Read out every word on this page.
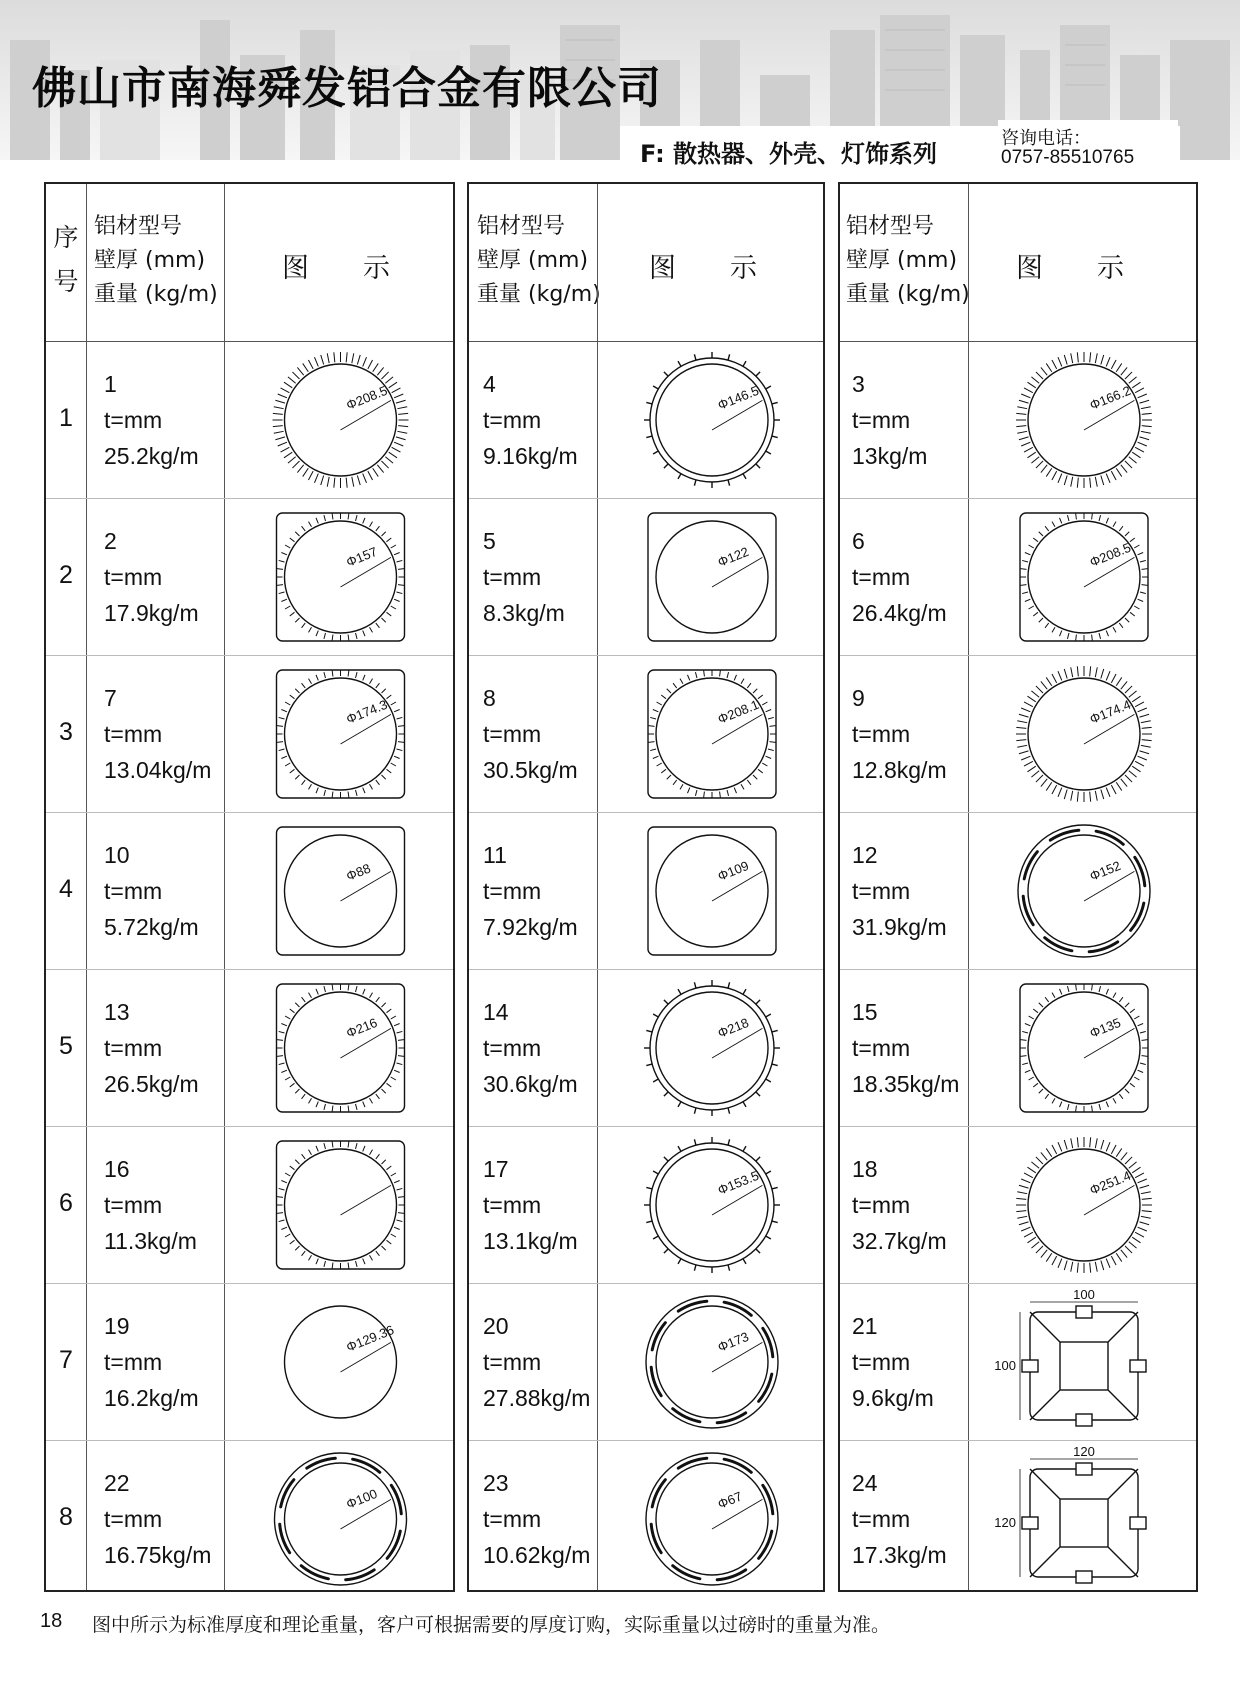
佛山市南海舜发铝合金有限公司
F: 散热器、外壳、灯饰系列
咨询电话：
0757-85510765
序号
铝材型号
壁厚 (mm)
重量 (kg/m)
图示
1
1
t=mm
25.2kg/m
Φ208.5
2
2
t=mm
17.9kg/m
Φ157
3
7
t=mm
13.04kg/m
Φ174.3
4
10
t=mm
5.72kg/m
Φ88
5
13
t=mm
26.5kg/m
Φ216
6
16
t=mm
11.3kg/m
7
19
t=mm
16.2kg/m
Φ129.36
8
22
t=mm
16.75kg/m
Φ100
铝材型号
壁厚 (mm)
重量 (kg/m)
图示
4
t=mm
9.16kg/m
Φ146.5
5
t=mm
8.3kg/m
Φ122
8
t=mm
30.5kg/m
Φ208.1
11
t=mm
7.92kg/m
Φ109
14
t=mm
30.6kg/m
Φ218
17
t=mm
13.1kg/m
Φ153.5
20
t=mm
27.88kg/m
Φ173
23
t=mm
10.62kg/m
Φ67
铝材型号
壁厚 (mm)
重量 (kg/m)
图示
3
t=mm
13kg/m
Φ166.2
6
t=mm
26.4kg/m
Φ208.5
9
t=mm
12.8kg/m
Φ174.4
12
t=mm
31.9kg/m
Φ152
15
t=mm
18.35kg/m
Φ135
18
t=mm
32.7kg/m
Φ251.4
21
t=mm
9.6kg/m
100
100
24
t=mm
17.3kg/m
120
120
18 图中所示为标准厚度和理论重量，客户可根据需要的厚度订购，实际重量以过磅时的重量为准。
